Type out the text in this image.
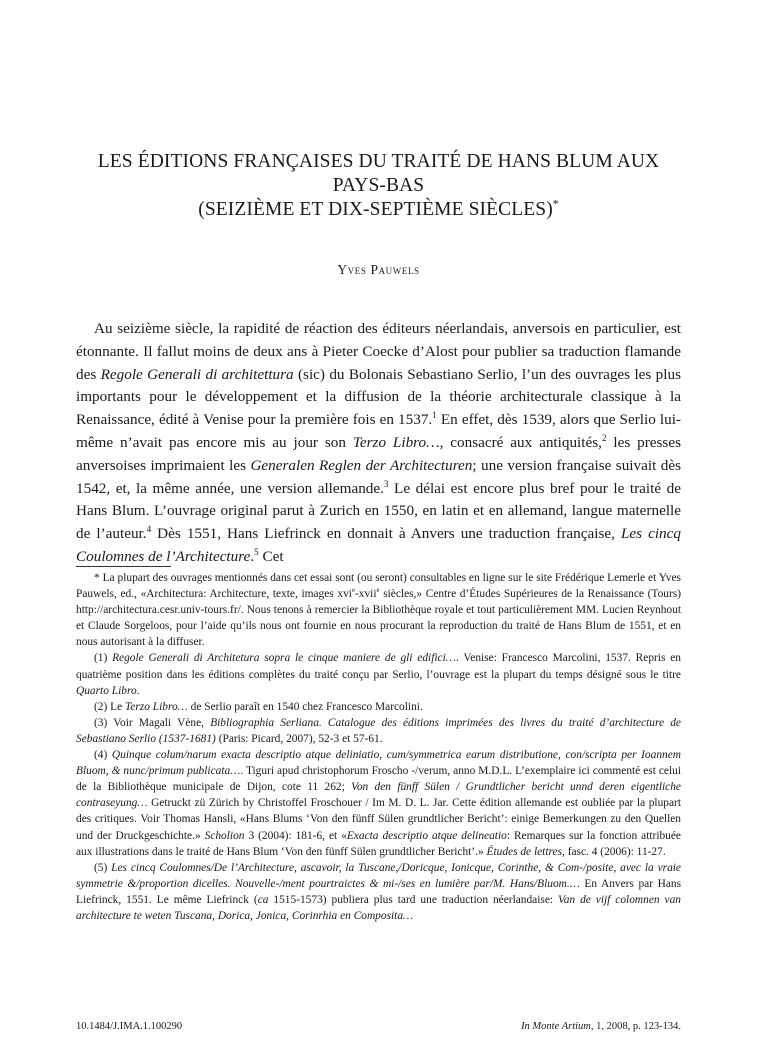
LES ÉDITIONS FRANÇAISES DU TRAITÉ DE HANS BLUM AUX
PAYS-BAS
(SEIZIÈME ET DIX-SEPTIÈME SIÈCLES)*
Yves Pauwels

Au seizième siècle, la rapidité de réaction des éditeurs néerlandais, anversois en particulier, est étonnante. Il fallut moins de deux ans à Pieter Coecke d’Alost pour publier sa traduction flamande des Regole Generali di architettura (sic) du Bolonais Sebastiano Serlio, l’un des ouvrages les plus importants pour le développement et la diffusion de la théorie architecturale classique à la Renaissance, édité à Venise pour la première fois en 1537.$^1$ En effet, dès 1539, alors que Serlio lui-même n’avait pas encore mis au jour son Terzo Libro…, consacré aux antiquités,$^2$ les presses anversoises imprimaient les Generalen Reglen der Architecturen; une version française suivait dès 1542, et, la même année, une version allemande.$^3$ Le délai est encore plus bref pour le traité de Hans Blum. L’ouvrage original parut à Zurich en 1550, en latin et en allemand, langue maternelle de l’auteur.$^4$ Dès 1551, Hans Liefrinck en donnait à Anvers une traduction française, Les cincq Coulomnes de l’Architecture.$^5$ Cet

* La plupart des ouvrages mentionnés dans cet essai sont (ou seront) consultables en ligne sur le site Frédérique Lemerle et Yves Pauwels, ed., «Architectura: Architecture, texte, images xvi$^e$-xvii$^e$ siècles,» Centre d’Études Supérieures de la Renaissance (Tours) http://architectura.cesr.univ-tours.fr/. Nous tenons à remercier la Bibliothèque royale et tout particulièrement MM. Lucien Reynhout et Claude Sorgeloos, pour l’aide qu’ils nous ont fournie en nous procurant la reproduction du traité de Hans Blum de 1551, et en nous autorisant à la diffuser.

(1) Regole Generali di Architetura sopra le cinque maniere de gli edifici…. Venise: Francesco Marcolini, 1537. Repris en quatrième position dans les éditions complètes du traité conçu par Serlio, l’ouvrage est la plupart du temps désigné sous le titre Quarto Libro.

(2) Le Terzo Libro… de Serlio paraît en 1540 chez Francesco Marcolini.

(3) Voir Magali Vène, Bibliographia Serliana. Catalogue des éditions imprimées des livres du traité d’architecture de Sebastiano Serlio (1537-1681) (Paris: Picard, 2007), 52-3 et 57-61.

(4) Quinque colum/narum exacta descriptio atque deliniatio, cum/symmetrica earum distributione, con/scripta per Ioannem Bluom, & nunc/primum publicata…. Tiguri apud christophorum Froscho -/verum, anno M.D.L. L’exemplaire ici commenté est celui de la Bibliothèque municipale de Dijon, cote 11 262; Von den fünff Sülen / Grundtlicher bericht unnd deren eigentliche contraseyung… Getruckt zü Zürich by Christoffel Froschouer / Im M. D. L. Jar. Cette édition allemande est oubliée par la plupart des critiques. Voir Thomas Hansli, «Hans Blums ‘Von den fünff Sülen grundtlicher Bericht’: einige Bemerkungen zu den Quellen und der Druckgeschichte.» Scholion 3 (2004): 181-6, et «Exacta descriptio atque delineatio: Remarques sur la fonction attribuée aux illustrations dans le traité de Hans Blum ‘Von den fünff Sülen grundtlicher Bericht’.» Études de lettres, fasc. 4 (2006): 11-27.

(5) Les cincq Coulomnes/De l’Architecture, ascavoir, la Tuscane,/Doricque, Ionicque, Corinthe, & Com-/posite, avec la vraie symmetrie &/proportion dicelles. Nouvelle-/ment pourtraictes & mi-/ses en lumière par/M. Hans/Bluom.… En Anvers par Hans Liefrinck, 1551. Le même Liefrinck (ca 1515-1573) publiera plus tard une traduction néerlandaise: Van de vijf colomnen van architecture te weten Tuscana, Dorica, Jonica, Corinrhia en Composita…

10.1484/J.IMA.1.100290	In Monte Artium, 1, 2008, p. 123-134.
